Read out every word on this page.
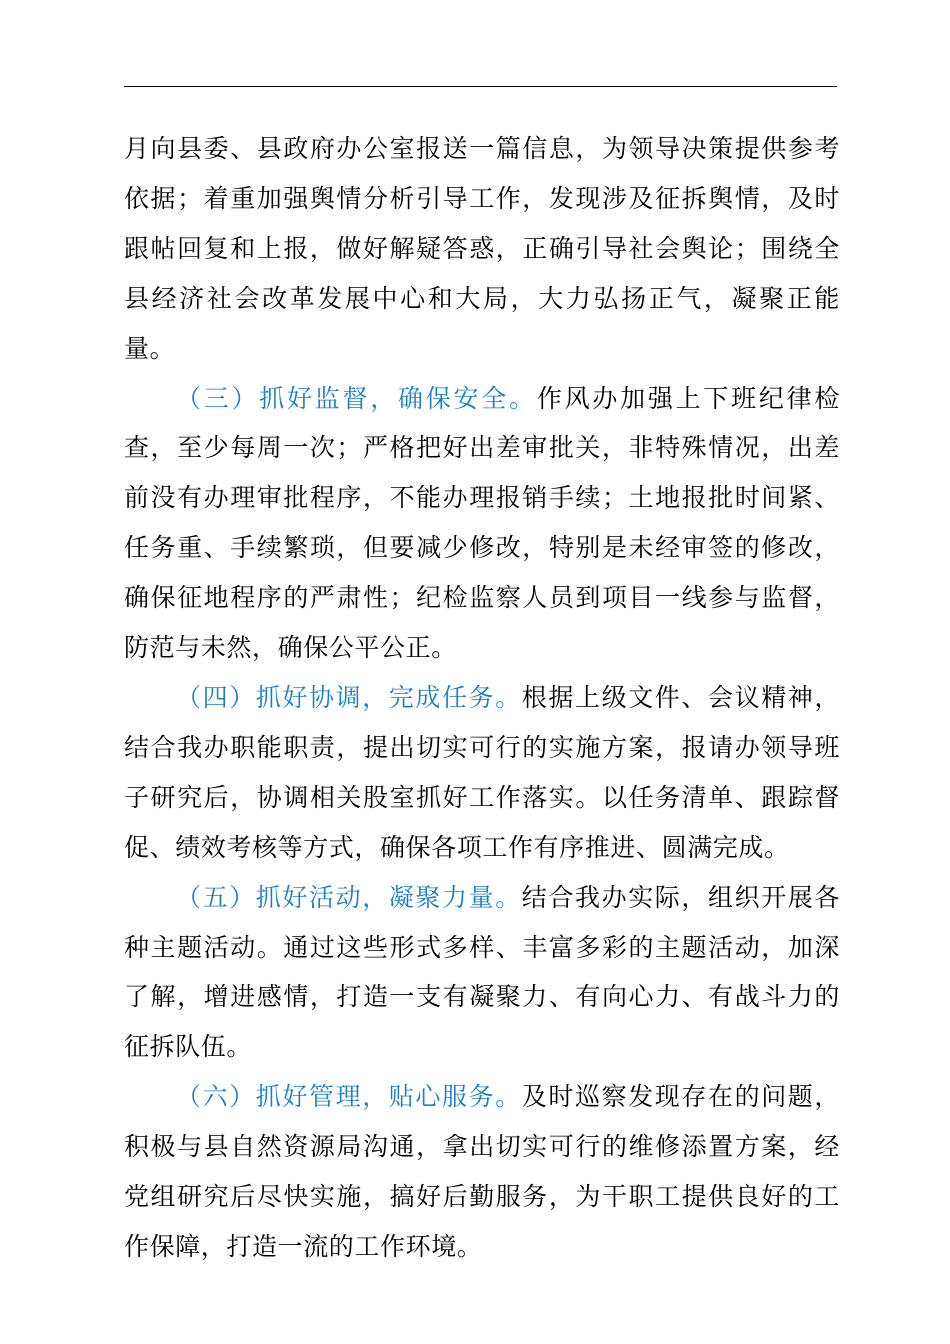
月向县委、县政府办公室报送一篇信息，为领导决策提供参考依据；着重加强舆情分析引导工作，发现涉及征拆舆情，及时跟帖回复和上报，做好解疑答惑，正确引导社会舆论；围绕全县经济社会改革发展中心和大局，大力弘扬正气，凝聚正能量。

（三）抓好监督，确保安全。作风办加强上下班纪律检查，至少每周一次；严格把好出差审批关，非特殊情况，出差前没有办理审批程序，不能办理报销手续；土地报批时间紧、任务重、手续繁琐，但要减少修改，特别是未经审签的修改，确保征地程序的严肃性；纪检监察人员到项目一线参与监督，防范与未然，确保公平公正。

（四）抓好协调，完成任务。根据上级文件、会议精神，结合我办职能职责，提出切实可行的实施方案，报请办领导班子研究后，协调相关股室抓好工作落实。以任务清单、跟踪督促、绩效考核等方式，确保各项工作有序推进、圆满完成。

（五）抓好活动，凝聚力量。结合我办实际，组织开展各种主题活动。通过这些形式多样、丰富多彩的主题活动，加深了解，增进感情，打造一支有凝聚力、有向心力、有战斗力的征拆队伍。

（六）抓好管理，贴心服务。及时巡察发现存在的问题，积极与县自然资源局沟通，拿出切实可行的维修添置方案，经党组研究后尽快实施，搞好后勤服务，为干职工提供良好的工作保障，打造一流的工作环境。
